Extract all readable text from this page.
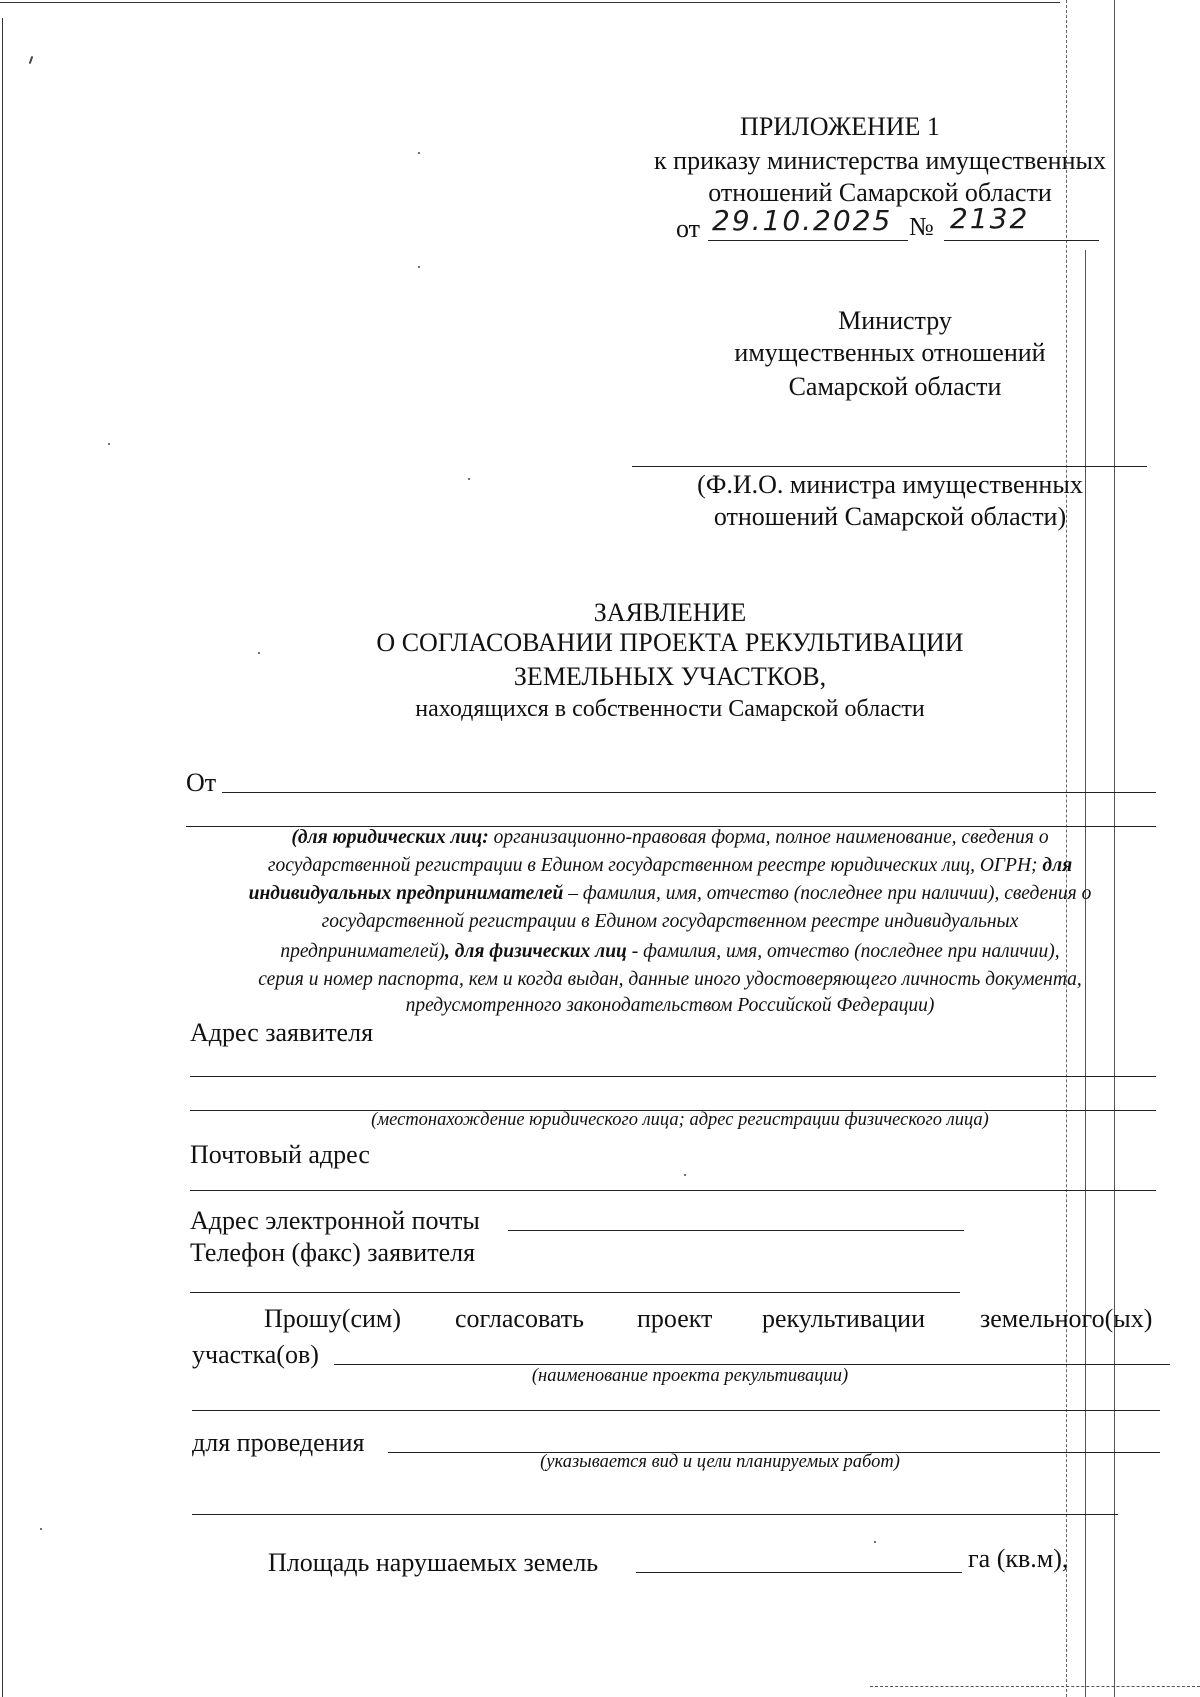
ПРИЛОЖЕНИЕ 1
к приказу министерства имущественных
отношений Самарской области
от 29.10.2025 № 2132
Министру
имущественных отношений
Самарской области
(Ф.И.О. министра имущественных
отношений Самарской области)
ЗАЯВЛЕНИЕ
О СОГЛАСОВАНИИ ПРОЕКТА РЕКУЛЬТИВАЦИИ
ЗЕМЕЛЬНЫХ УЧАСТКОВ,
находящихся в собственности Самарской области
От
(для юридических лиц: организационно-правовая форма, полное наименование, сведения о
государственной регистрации в Едином государственном реестре юридических лиц, ОГРН; для
индивидуальных предпринимателей – фамилия, имя, отчество (последнее при наличии), сведения о
государственной регистрации в Едином государственном реестре индивидуальных
предпринимателей), для физических лиц - фамилия, имя, отчество (последнее при наличии),
серия и номер паспорта, кем и когда выдан, данные иного удостоверяющего личность документа,
предусмотренного законодательством Российской Федерации)
Адрес заявителя
(местонахождение юридического лица; адрес регистрации физического лица)
Почтовый адрес
Адрес электронной почты
Телефон (факс) заявителя
Прошу(сим) согласовать проект рекультивации земельного(ых)
участка(ов)
(наименование проекта рекультивации)
для проведения
(указывается вид и цели планируемых работ)
Площадь нарушаемых земель	га (кв.м),
